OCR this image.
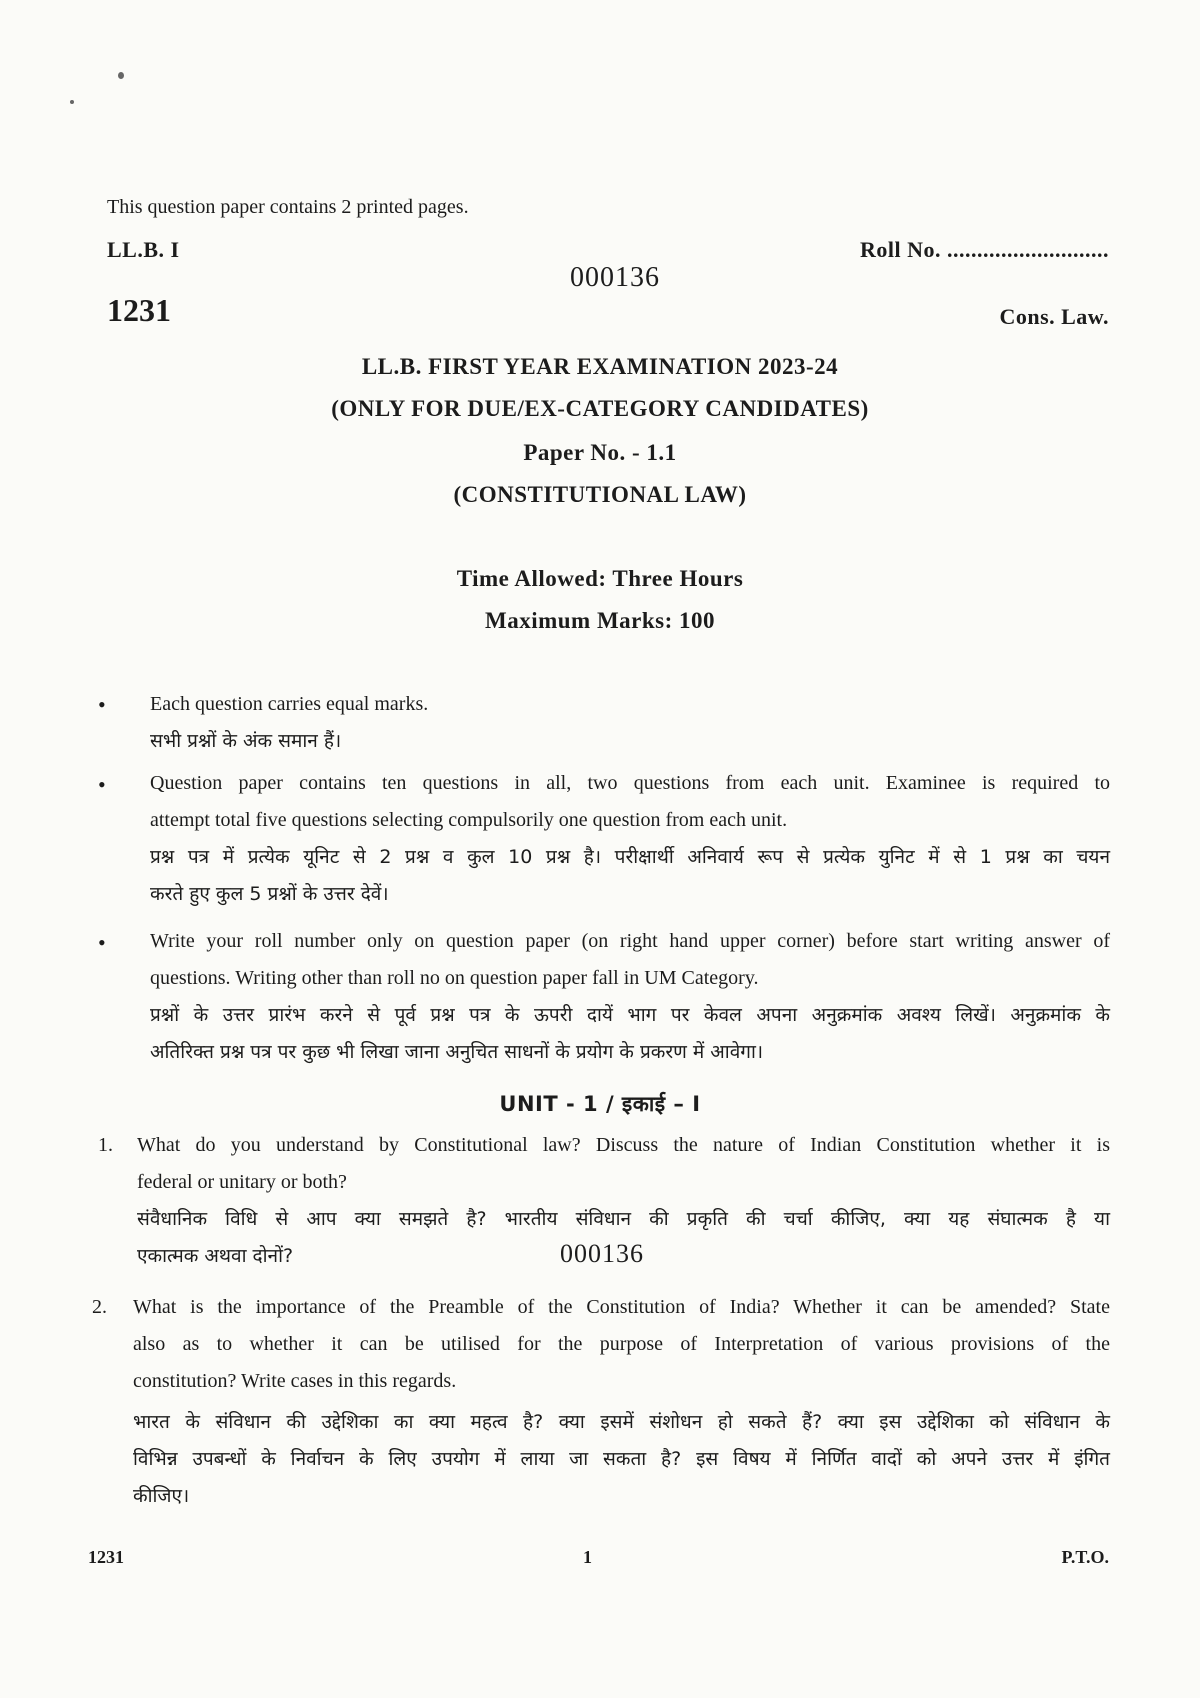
This question paper contains 2 printed pages.
LL.B. I	Roll No. ...........................
000136
1231	Cons. Law.
LL.B. FIRST YEAR EXAMINATION 2023-24
(ONLY FOR DUE/EX-CATEGORY CANDIDATES)
Paper No. - 1.1
(CONSTITUTIONAL LAW)
Time Allowed: Three Hours
Maximum Marks: 100
• Each question carries equal marks.
सभी प्रश्नों के अंक समान हैं।
• Question paper contains ten questions in all, two questions from each unit. Examinee is required to
attempt total five questions selecting compulsorily one question from each unit.
प्रश्न पत्र में प्रत्येक यूनिट से 2 प्रश्न व कुल 10 प्रश्न है। परीक्षार्थी अनिवार्य रूप से प्रत्येक युनिट में से 1 प्रश्न का चयन
करते हुए कुल 5 प्रश्नों के उत्तर देवें।
• Write your roll number only on question paper (on right hand upper corner) before start writing answer of
questions. Writing other than roll no on question paper fall in UM Category.
प्रश्नों के उत्तर प्रारंभ करने से पूर्व प्रश्न पत्र के ऊपरी दायें भाग पर केवल अपना अनुक्रमांक अवश्य लिखें। अनुक्रमांक के
अतिरिक्त प्रश्न पत्र पर कुछ भी लिखा जाना अनुचित साधनों के प्रयोग के प्रकरण में आवेगा।
UNIT - 1 / इकाई – I
1. What do you understand by Constitutional law? Discuss the nature of Indian Constitution whether it is
federal or unitary or both?
संवैधानिक विधि से आप क्या समझते है? भारतीय संविधान की प्रकृति की चर्चा कीजिए, क्या यह संघात्मक है या
एकात्मक अथवा दोनों?	000136
2. What is the importance of the Preamble of the Constitution of India? Whether it can be amended? State
also as to whether it can be utilised for the purpose of Interpretation of various provisions of the
constitution? Write cases in this regards.
भारत के संविधान की उद्देशिका का क्या महत्व है? क्या इसमें संशोधन हो सकते हैं? क्या इस उद्देशिका को संविधान के
विभिन्न उपबन्धों के निर्वाचन के लिए उपयोग में लाया जा सकता है? इस विषय में निर्णित वादों को अपने उत्तर में इंगित
कीजिए।
1231	1	P.T.O.
